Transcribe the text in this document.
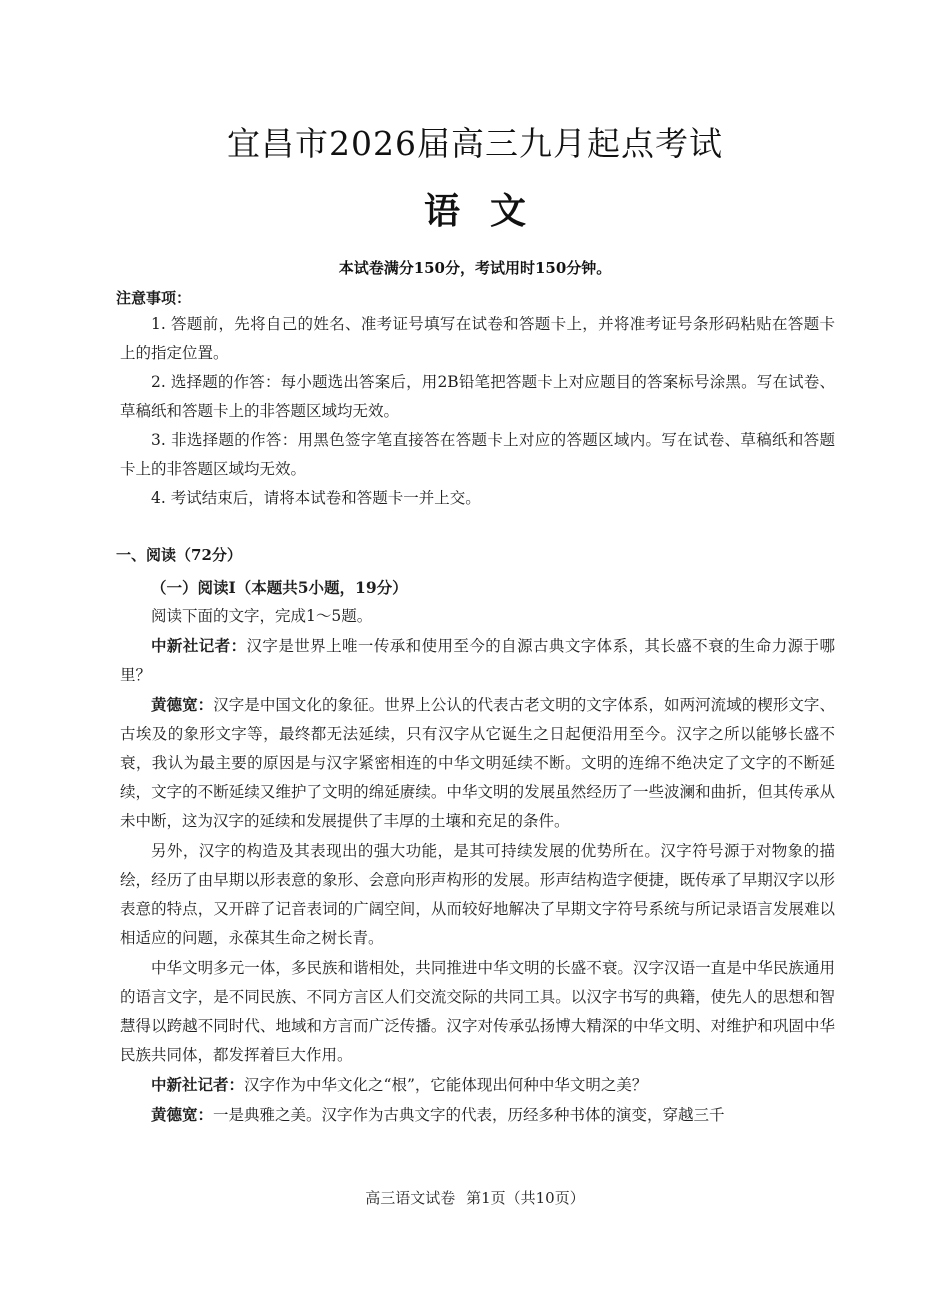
宜昌市2026届高三九月起点考试
语文
本试卷满分150分，考试用时150分钟。
注意事项：

1. 答题前，先将自己的姓名、准考证号填写在试卷和答题卡上，并将准考证号条形码粘贴在答题卡上的指定位置。

2. 选择题的作答：每小题选出答案后，用2B铅笔把答题卡上对应题目的答案标号涂黑。写在试卷、草稿纸和答题卡上的非答题区域均无效。

3. 非选择题的作答：用黑色签字笔直接答在答题卡上对应的答题区域内。写在试卷、草稿纸和答题卡上的非答题区域均无效。

4. 考试结束后，请将本试卷和答题卡一并上交。

一、阅读（72分）

（一）阅读Ⅰ（本题共5小题，19分）

阅读下面的文字，完成1～5题。

中新社记者：汉字是世界上唯一传承和使用至今的自源古典文字体系，其长盛不衰的生命力源于哪里？

黄德宽：汉字是中国文化的象征。世界上公认的代表古老文明的文字体系，如两河流域的楔形文字、古埃及的象形文字等，最终都无法延续，只有汉字从它诞生之日起便沿用至今。汉字之所以能够长盛不衰，我认为最主要的原因是与汉字紧密相连的中华文明延续不断。文明的连绵不绝决定了文字的不断延续，文字的不断延续又维护了文明的绵延赓续。中华文明的发展虽然经历了一些波澜和曲折，但其传承从未中断，这为汉字的延续和发展提供了丰厚的土壤和充足的条件。

另外，汉字的构造及其表现出的强大功能，是其可持续发展的优势所在。汉字符号源于对物象的描绘，经历了由早期以形表意的象形、会意向形声构形的发展。形声结构造字便捷，既传承了早期汉字以形表意的特点，又开辟了记音表词的广阔空间，从而较好地解决了早期文字符号系统与所记录语言发展难以相适应的问题，永葆其生命之树长青。

中华文明多元一体，多民族和谐相处，共同推进中华文明的长盛不衰。汉字汉语一直是中华民族通用的语言文字，是不同民族、不同方言区人们交流交际的共同工具。以汉字书写的典籍，使先人的思想和智慧得以跨越不同时代、地域和方言而广泛传播。汉字对传承弘扬博大精深的中华文明、对维护和巩固中华民族共同体，都发挥着巨大作用。

中新社记者：汉字作为中华文化之“根”，它能体现出何种中华文明之美？

黄德宽：一是典雅之美。汉字作为古典文字的代表，历经多种书体的演变，穿越三千

高三语文试卷 第1页（共10页）
